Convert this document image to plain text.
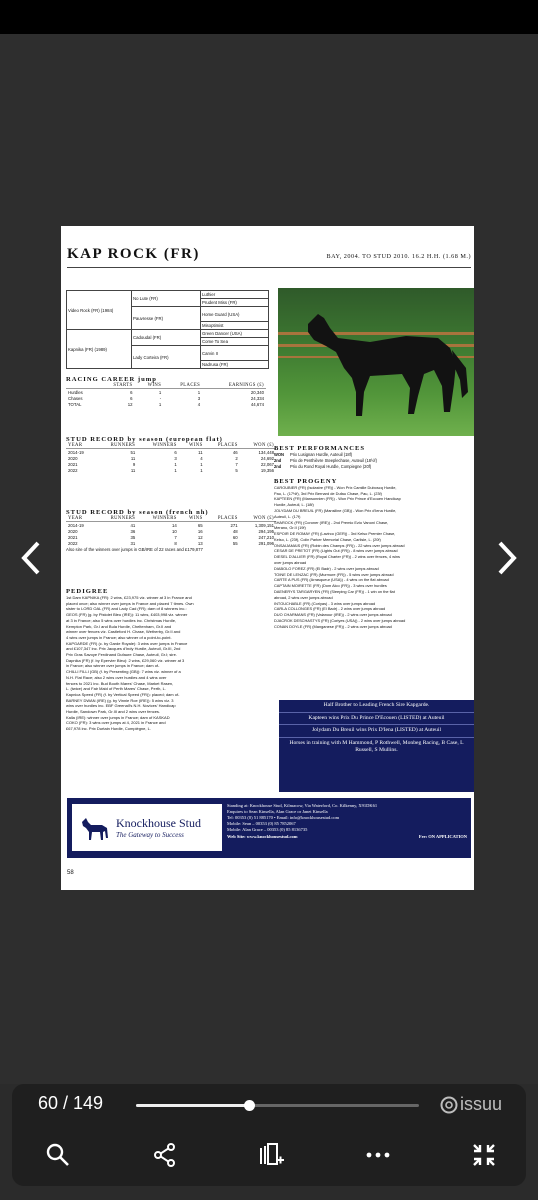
KAP ROCK (FR)	BAY, 2004. TO STUD 2010. 16.2 H.H. (1.68 M.)
Video Rock (FR) (1984)	No Lute (FR)	Luthier
		Prudent Miss (FR)
	Pauvresse (FR)	Home Guard (USA)
		Misoptimist
Kapnika (FR) (1989)	Cadoudal (FR)	Green Dancer (USA)
		Come To Sea
	Lady Corteira (FR)	Carvin II
		Nadrusa (FR)
RACING CAREER jump
	STARTS	WINS	PLACES	EARNINGS (£)
Hurdles	6	1	1	20,340
Chases	6	-	3	24,334
TOTAL	12	1	4	44,674
STUD RECORD by season (european flat)
YEAR	RUNNERS	WINNERS	WINS	PLACES	WON (£)
2014-19	51	6	11	46	134,448
2020	11	3	4	2	24,692
2021	9	1	1	7	22,067
2022	11	1	1	5	19,356
STUD RECORD by season (french nh)
YEAR	RUNNERS	WINNERS	WINS	PLACES	WON (£)
2014-19	41	14	65	271	1,309,151
2020	36	10	16	48	294,195
2021	35	7	12	60	247,210
2022	31	8	13	55	291,096
Also sire of the winners over jumps in GB/IRE of 22 races and £179,877
PEDIGREE
1st Dam KAPNIKA (FR): 2 wins, £23,975 viz. winner at 3 in France and
placed once; also winner over jumps in France and placed 7 times. Own
sister to LORD OAL (FR) and Lady Cad (FR); dam of 8 winners inc.:
GEOS (FR) (g. by Pistolet Bleu (IRE)): 11 wins, £403,998 viz. winner
at 3 in France; also 5 wins over hurdles inc. Christmas Hurdle,
Kempton Park, Gr.I and Bula Hurdle, Cheltenham, Gr.II and
winner over fences viz. Castleford H. Chase, Wetherby, Gr.II and
4 wins over jumps in France; also winner of a point-to-point.
KAPGARDE (FR) (c. by Garde Royale): 3 wins over jumps in France
and £107,347 inc. Prix Jacques d'Indy Hurdle, Auteuil, Gr.III, 2nd
Prix Gras Savoye Ferdinand Dufaure Chase, Auteuil, Gr.I; sire.
Dapnika (FR) (f. by Epervier Bleu): 2 wins, £29,060 viz. winner at 3
in France; also winner over jumps in France; dam of-
CHILLI FILLI (GB) (f. by Presenting (GB)): 7 wins viz. winner of a
N.H. Flat Race; also 2 wins over hurdles and 4 wins over
fences to 2021 inc. Bud Booth Mares' Chase, Market Rasen,
L. (twice) and Fair Maid of Perth Mares' Chase, Perth, L.
Kapnica Speed (FR) (f. by Vertical Speed (FR)): placed; dam of-
BARNEY DWAN (IRE) (g. by Vinnie Roe (IRE)): 5 wins viz. 3
wins over hurdles inc. EBF Greenall's N.H. Novices' Handicap
Hurdle, Sandown Park, Gr.III and 2 wins over fences.
Kalla (IRE): winner over jumps in France; dam of KASKAD
COKO (FR): 3 wins over jumps at 4, 2021 in France and
£67,978 inc. Prix Durtain Hurdle, Compiègne, L.
BEST PERFORMANCES
WON Prix Lusignan Hurdle, Auteuil (18f)
2nd Prix de Penthièvre Steeplechase, Auteuil (18½f)
2nd Prix du Rond Royal Hurdle, Compiegne (20f)
BEST PROGENY
CAROUBIER (FR) (Isolastre (FR)) - Won Prix Camille Duboscq Hurdle,
Pau, L. (17½f), 3rd Prix Bernard de Dufau Chase, Pau, L. (23f)
KAPTEEN (FR) (Mansonnien (FR)) - Won Prix Prince d'Ecouen Handicap
Hurdle, Auteuil, L. (18f)
JOLYDAM DU BREUIL (FR) (Mansiline (GB)) - Won Prix d'Iena Hurdle,
Auteuil, L. (17f)
SHAROCK (FR) (Coroner (IRE)) - 2nd Premio Ezio Vanoni Chase,
Merano, Gr.II (19f)
ESPOIR DE ROMAY (FR) (Lavirco (GER)) - 3rd Kelso Premier Chase,
Kelso, L. (23f), Colin Parker Memorial Chase, Carlisle, L. (20f)
ONSAIJAMAIS (FR) (Robin des Champs (FR)) - 22 wins over jumps abroad
CESAR DE PRETOT (FR) (Lights Out (FR)) - 8 wins over jumps abroad
DIESEL D'ALLIER (FR) (Royal Charter (FR)) - 2 wins over fences, 4 wins
over jumps abroad
DIABOLO FOREZ (FR) (El Badr) - 2 wins over jumps abroad
TOINE DE LENZAC (FR) (Murmure (FR)) - 5 wins over jumps abroad
CARTE A PUS (FR) (Arrasqueur (USA)) - 4 wins on the flat abroad
CAPTAIN MOIRETTE (FR) (Dom Alco (FR)) - 3 wins over hurdles
DAENERYS TARGARYEN (FR) (Sleeping Car (FR)) - 1 win on the flat
abroad, 2 wins over jumps abroad
INTOUCHABLE (FR) (Coriyas) - 3 wins over jumps abroad
CARLA COLLONGES (FR) (El Badr) - 2 wins over jumps abroad
DUO CHARMANS (FR) (Valanour (IRE)) - 2 wins over jumps abroad
DJACROK DESCHASTYS (FR) (Coriyes (USA)) - 2 wins over jumps abroad
CONAN DOYLE (FR) (Manganese (FR)) - 2 wins over jumps abroad
Half Brother to Leading French Sire Kapgarde.
Kapteen wins Prix Du Prince D'Ecouen (LISTED) at Auteuil
Jolydam Du Breuil wins Prix D'Iena (LISTED) at Auteuil
Horses in training with M Hammond, P Rothwell, Monbeg Racing, B Case, L Russell, S Mullins.
Knockhouse Stud
The Gateway to Success
Standing at: Knockhouse Stud, Kilmacow, Via Waterford, Co. Kilkenny, X91DK61
Enquires to Sean Kinsella, Alan Grace or Janet Kinsella
Tel: 00353 (0) 51 885170 • Email: info@knockhousestud.com
Mobile: Sean – 00353 (0) 85 7852067
Mobile: Alan Grace – 00353 (0) 85 8136735
Web Site: www.knockhousestud.com	Fee: ON APPLICATION
58
60 / 149	issuu
